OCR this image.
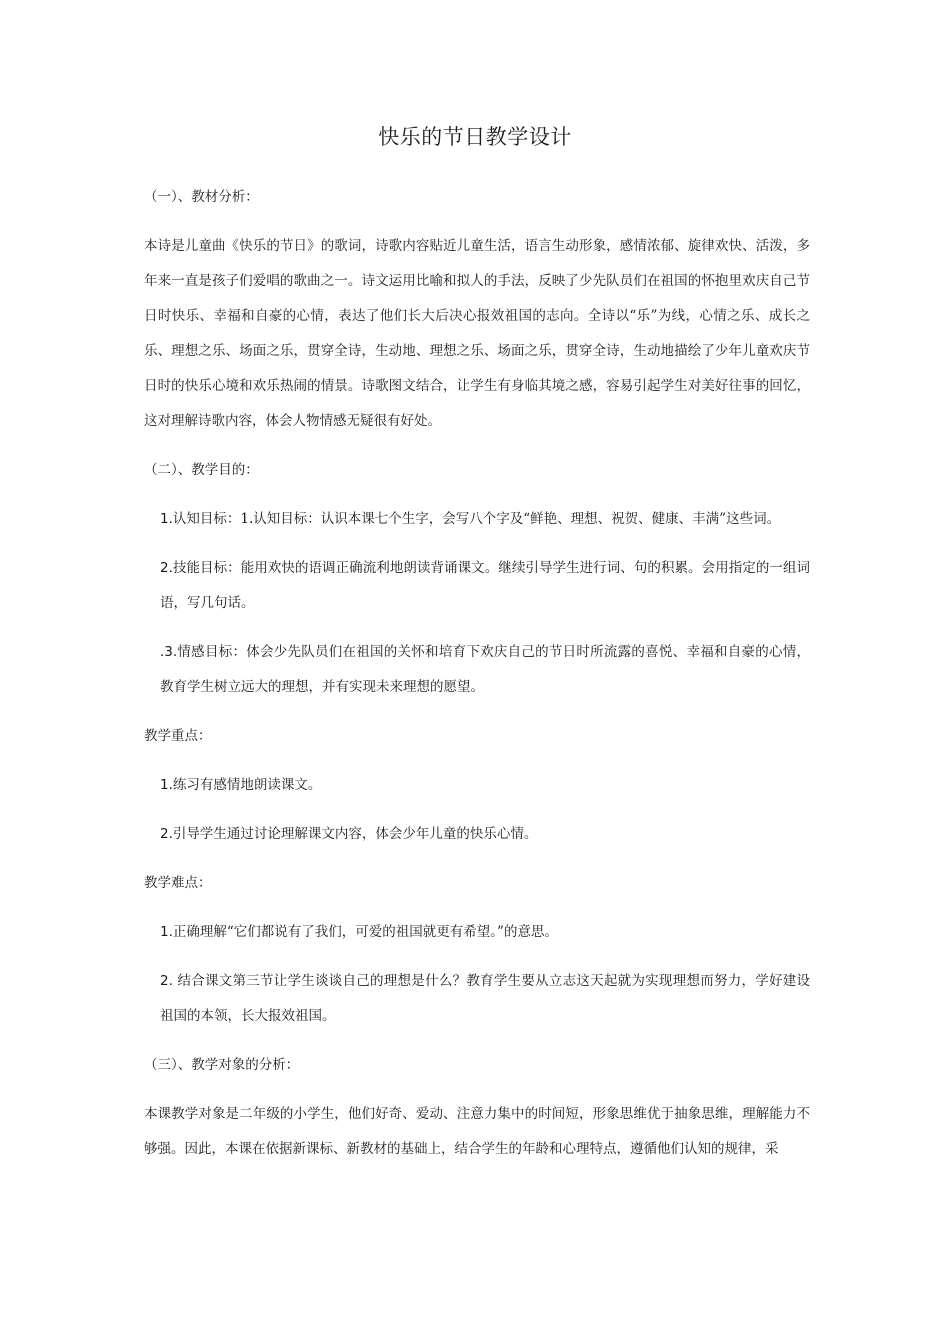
快乐的节日教学设计

（一）、教材分析：

本诗是儿童曲《快乐的节日》的歌词，诗歌内容贴近儿童生活，语言生动形象，感情浓郁、旋律欢快、活泼，多年来一直是孩子们爱唱的歌曲之一。诗文运用比喻和拟人的手法，反映了少先队员们在祖国的怀抱里欢庆自己节日时快乐、幸福和自豪的心情，表达了他们长大后决心报效祖国的志向。全诗以“乐”为线，心情之乐、成长之乐、理想之乐、场面之乐，贯穿全诗，生动地、理想之乐、场面之乐，贯穿全诗，生动地描绘了少年儿童欢庆节日时的快乐心境和欢乐热闹的情景。诗歌图文结合，让学生有身临其境之感，容易引起学生对美好往事的回忆，这对理解诗歌内容，体会人物情感无疑很有好处。

（二）、教学目的：

1.认知目标：1.认知目标：认识本课七个生字，会写八个字及“鲜艳、理想、祝贺、健康、丰满”这些词。

2.技能目标：能用欢快的语调正确流利地朗读背诵课文。继续引导学生进行词、句的积累。会用指定的一组词语，写几句话。

.3.情感目标：体会少先队员们在祖国的关怀和培育下欢庆自己的节日时所流露的喜悦、幸福和自豪的心情，教育学生树立远大的理想，并有实现未来理想的愿望。

教学重点：

1.练习有感情地朗读课文。

2.引导学生通过讨论理解课文内容，体会少年儿童的快乐心情。

教学难点：

1.正确理解“它们都说有了我们，可爱的祖国就更有希望。”的意思。

2. 结合课文第三节让学生谈谈自己的理想是什么？教育学生要从立志这天起就为实现理想而努力，学好建设祖国的本领，长大报效祖国。

（三）、教学对象的分析：

本课教学对象是二年级的小学生，他们好奇、爱动、注意力集中的时间短，形象思维优于抽象思维，理解能力不够强。因此，本课在依据新课标、新教材的基础上，结合学生的年龄和心理特点，遵循他们认知的规律，采
